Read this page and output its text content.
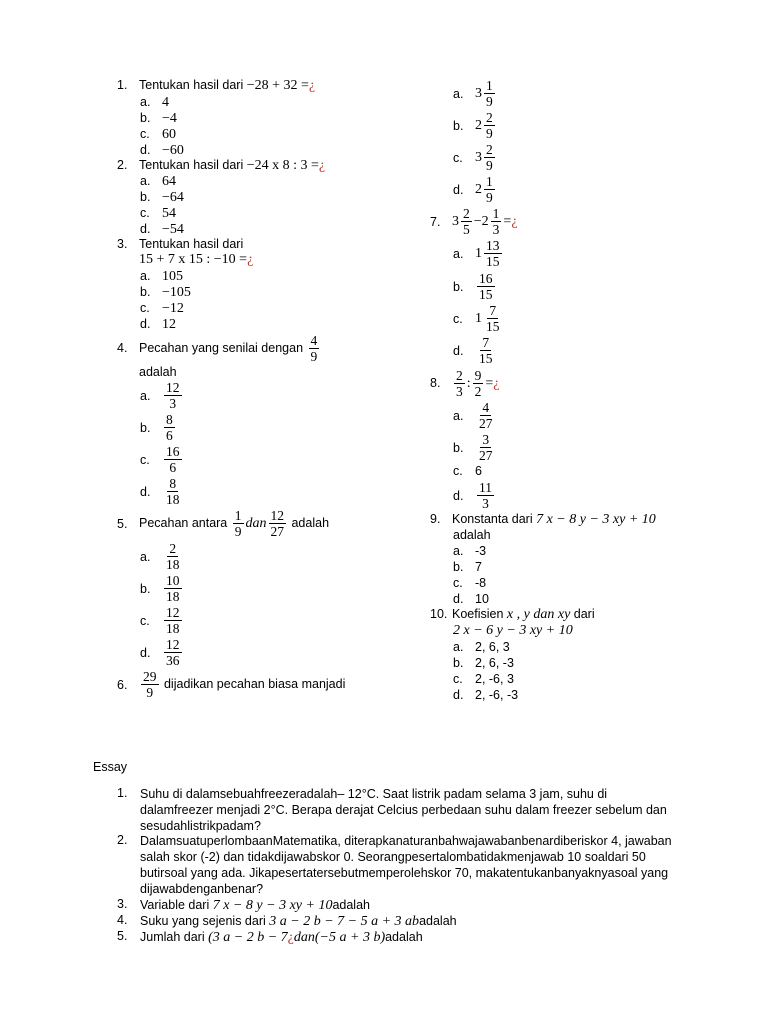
1. Tentukan hasil dari −28 + 32 =¿
a. 4
b. −4
c. 60
d. −60
2. Tentukan hasil dari −24 x 8 : 3 =¿
a. 64
b. −64
c. 54
d. −54
3. Tentukan hasil dari
15 + 7 x 15 : −10 =¿
a. 105
b. −105
c. −12
d. 12
4. Pecahan yang senilai dengan $\frac{4}{9}$
adalah
a.	$\frac{12}{3}$
b.	$\frac{8}{6}$
c.	$\frac{16}{6}$
d.	$\frac{8}{18}$
5. Pecahan antara $\frac{1}{9}$ dan $\frac{12}{27}$ adalah
a.	$\frac{2}{18}$
b.	$\frac{10}{18}$
c.	$\frac{12}{18}$
d.	$\frac{12}{36}$
6.	$\frac{29}{9}$ dijadikan pecahan biasa manjadi
a. $3 \frac{1}{9}$
b. $2 \frac{2}{9}$
c. $3 \frac{2}{9}$
d. $2 \frac{1}{9}$
7. $3 \frac{2}{5} - 2 \frac{1}{3}$ = ¿
a. $1 \frac{13}{15}$
b.	$\frac{16}{15}$
c. $1 \frac{7}{15}$
d.	$\frac{7}{15}$
8.	$\frac{2}{3}$ : $\frac{9}{2}$ = ¿
a.	$\frac{4}{27}$
b.	$\frac{3}{27}$
c. 6
d.	$\frac{11}{3}$
9. Konstanta dari 7 x − 8 y − 3 xy + 10
adalah
a. -3
b. 7
c. -8
d. 10
10. Koefisien x , y dan xy dari
2 x − 6 y − 3 xy + 10
a. 2, 6, 3
b. 2, 6, -3
c. 2, -6, 3
d. 2, -6, -3
Essay
1.	Suhu di dalamsebuahfreezeradalah– 12°C. Saat listrik padam selama 3 jam, suhu di dalamfreezer menjadi 2°C. Berapa derajat Celcius perbedaan suhu dalam freezer sebelum dan sesudahlistrikpadam?
2.	DalamsuatuperlombaanMatematika, diterapkanaturanbahwajawabanbenardiberiskor 4, jawaban salah skor (-2) dan tidakdijawabskor 0. Seorangpesertalombatidakmenjawab 10 soaldari 50 butirsoal yang ada. Jikapesertatersebutmemperolehskor 70, makatentukanbanyaknyasoal yang dijawabdenganbenar?
3.	Variable dari 7 x − 8 y − 3 xy + 10adalah
4.	Suku yang sejenis dari 3 a − 2 b − 7 − 5 a + 3 abadalah
5.	Jumlah dari (3 a − 2 b − 7¿dan(−5 a + 3 b)adalah
